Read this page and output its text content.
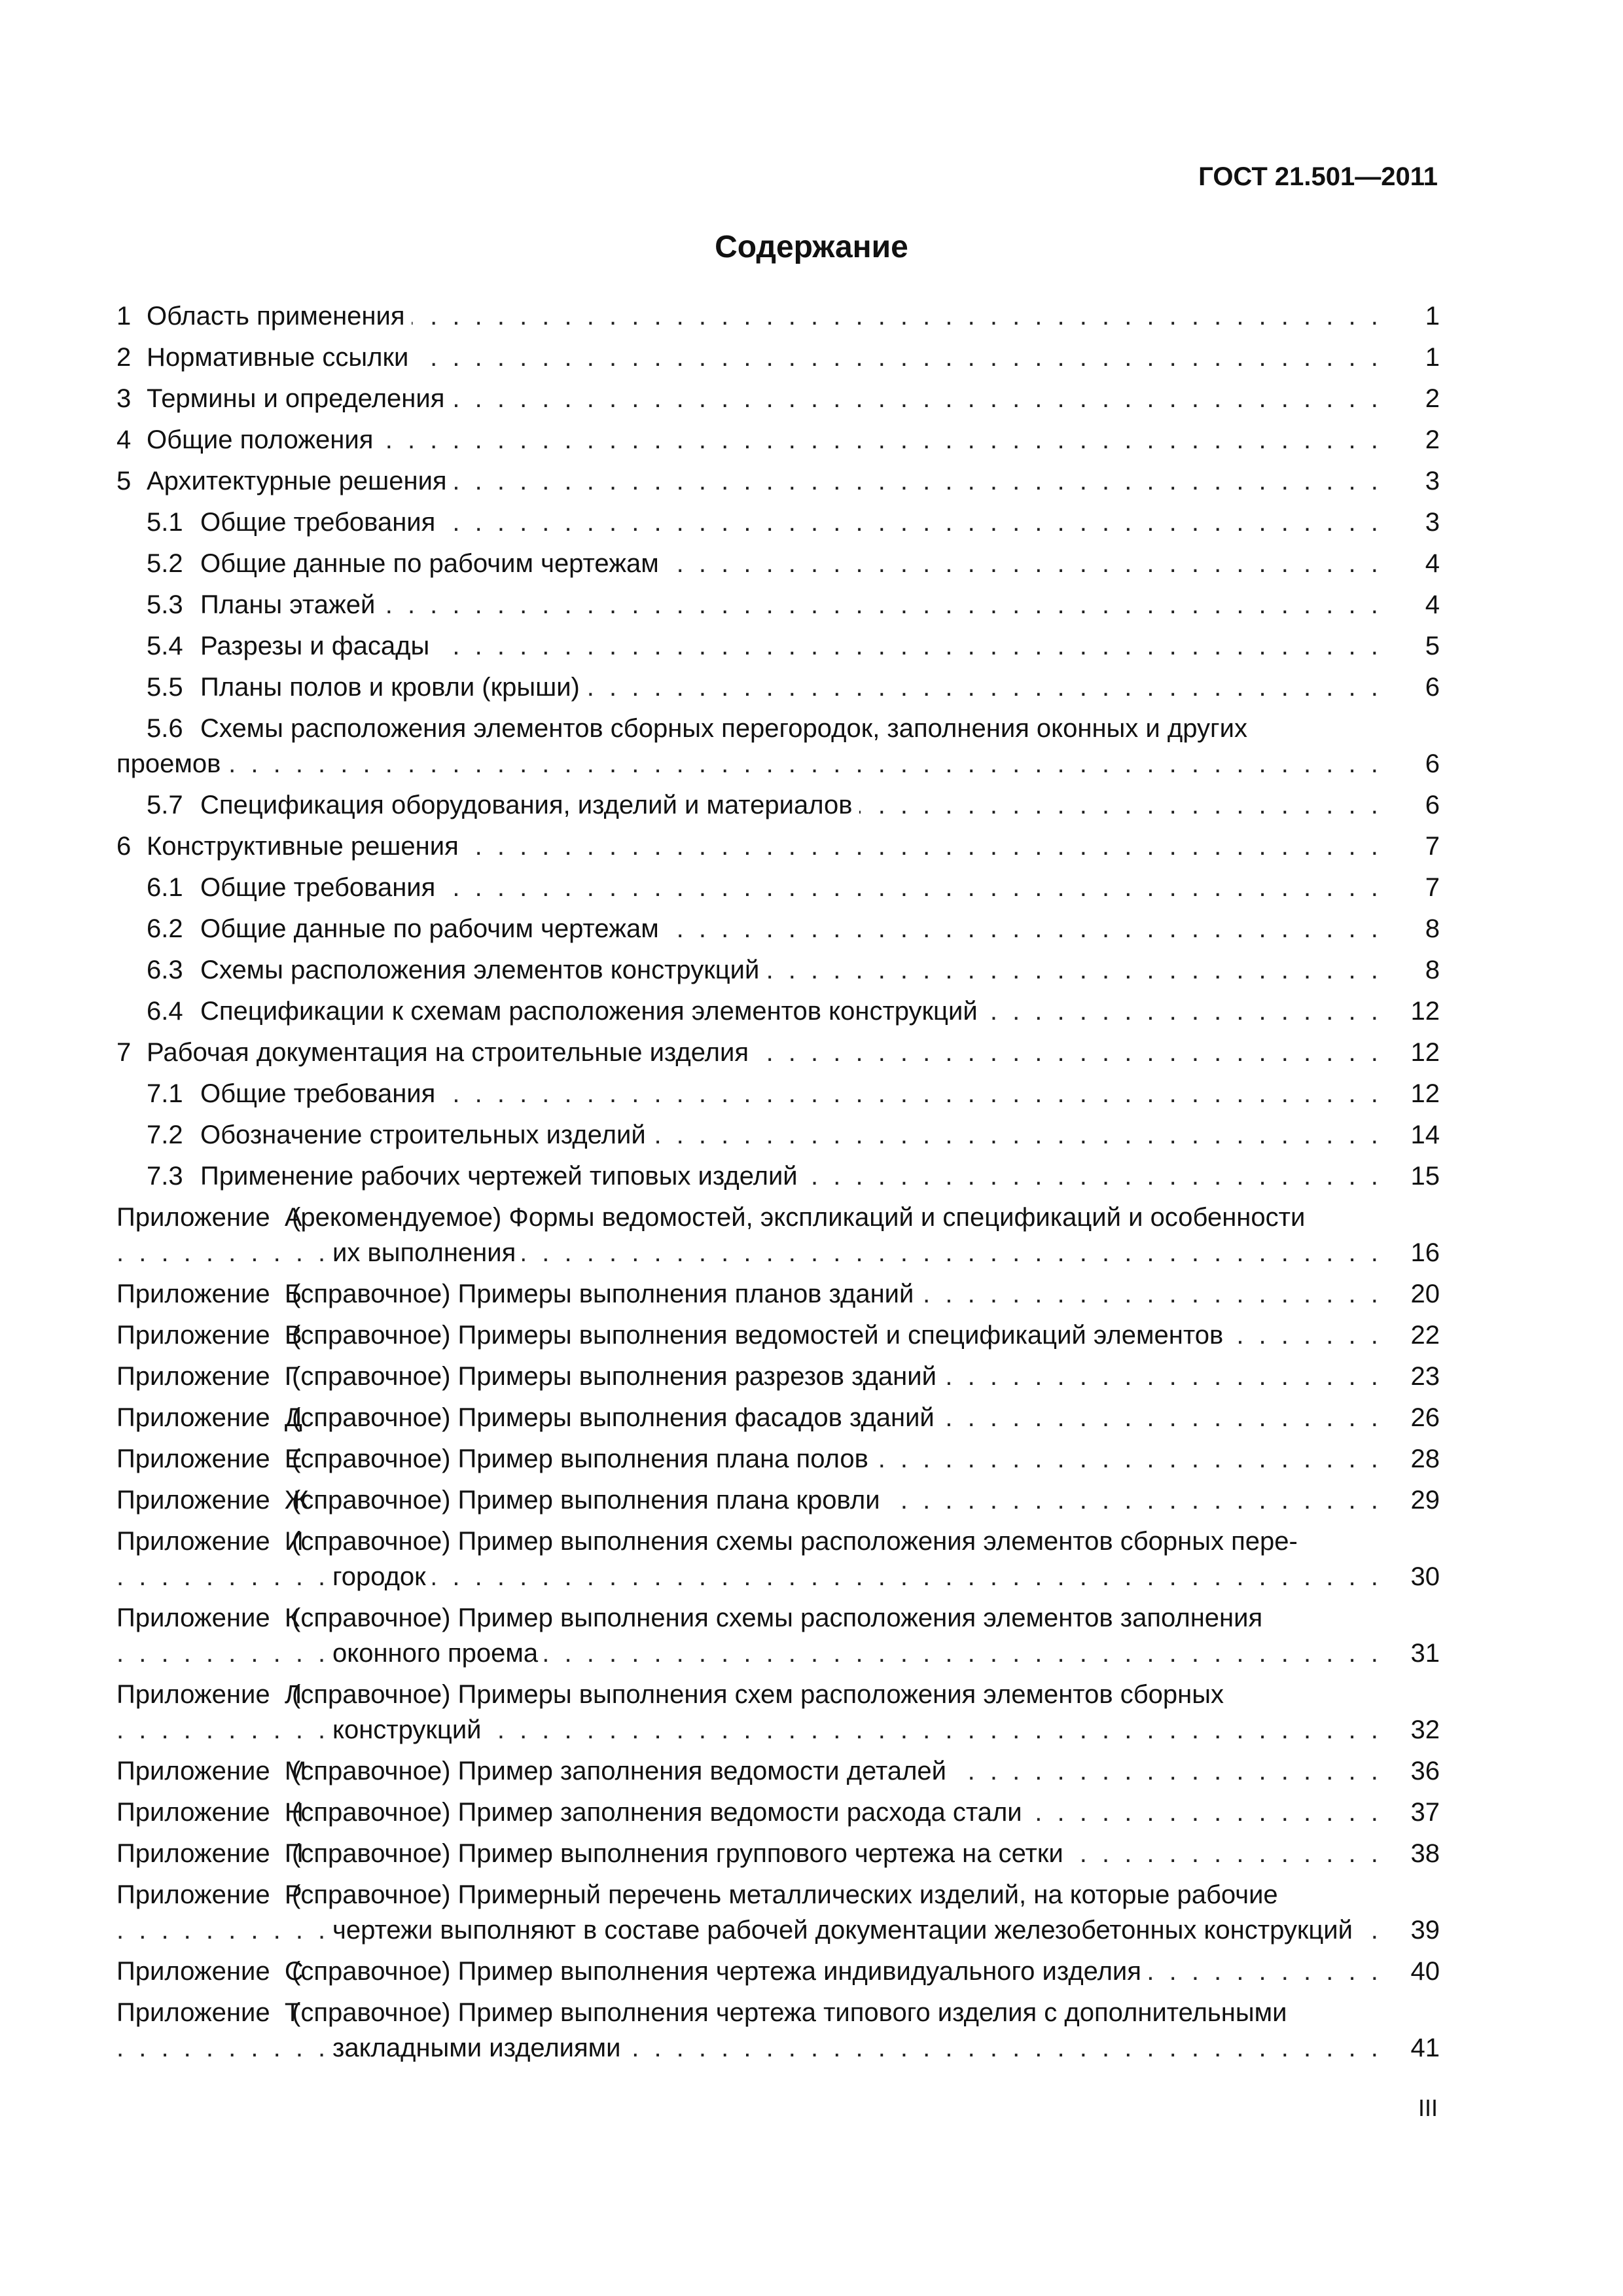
ГОСТ 21.501—2011
Содержание
1 Область применения . . .	1
2 Нормативные ссылки . . .	1
3 Термины и определения . . .	2
4 Общие положения . . .	2
5 Архитектурные решения . . .	3
5.1 Общие требования . . .	3
5.2 Общие данные по рабочим чертежам . . .	4
5.3 Планы этажей . . .	4
5.4 Разрезы и фасады . . .	5
5.5 Планы полов и кровли (крыши) . . .	6
5.6 Схемы расположения элементов сборных перегородок, заполнения оконных и других
проемов . . .	6
5.7 Спецификация оборудования, изделий и материалов . . .	6
6 Конструктивные решения . . .	7
6.1 Общие требования . . .	7
6.2 Общие данные по рабочим чертежам . . .	8
6.3 Схемы расположения элементов конструкций . . .	8
6.4 Спецификации к схемам расположения элементов конструкций . . .	12
7 Рабочая документация на строительные изделия . . .	12
7.1 Общие требования . . .	12
7.2 Обозначение строительных изделий . . .	14
7.3 Применение рабочих чертежей типовых изделий . . .	15
Приложение  А(рекомендуемое) Формы ведомостей, экспликаций и спецификаций и особенности
их выполнения . . .	16
Приложение  Б(справочное) Примеры выполнения планов зданий . . .	20
Приложение  В(справочное) Примеры выполнения ведомостей и спецификаций элементов . . .	22
Приложение  Г(справочное) Примеры выполнения разрезов зданий . . .	23
Приложение  Д(справочное) Примеры выполнения фасадов зданий . . .	26
Приложение  Е(справочное) Пример выполнения плана полов . . .	28
Приложение  Ж(справочное) Пример выполнения плана кровли . . .	29
Приложение  И(справочное) Пример выполнения схемы расположения элементов сборных пере-
городок . . .	30
Приложение  К(справочное) Пример выполнения схемы расположения элементов заполнения
оконного проема . . .	31
Приложение  Л(справочное) Примеры выполнения схем расположения элементов сборных
конструкций . . .	32
Приложение  М(справочное) Пример заполнения ведомости деталей . . .	36
Приложение  Н(справочное) Пример заполнения ведомости расхода стали . . .	37
Приложение  П(справочное) Пример выполнения группового чертежа на сетки . . .	38
Приложение  Р(справочное) Примерный перечень металлических изделий, на которые рабочие
чертежи выполняют в составе рабочей документации железобетонных конструкций . . .	39
Приложение  С(справочное) Пример выполнения чертежа индивидуального изделия . . .	40
Приложение  Т(справочное) Пример выполнения чертежа типового изделия с дополнительными
закладными изделиями . . .	41
III
